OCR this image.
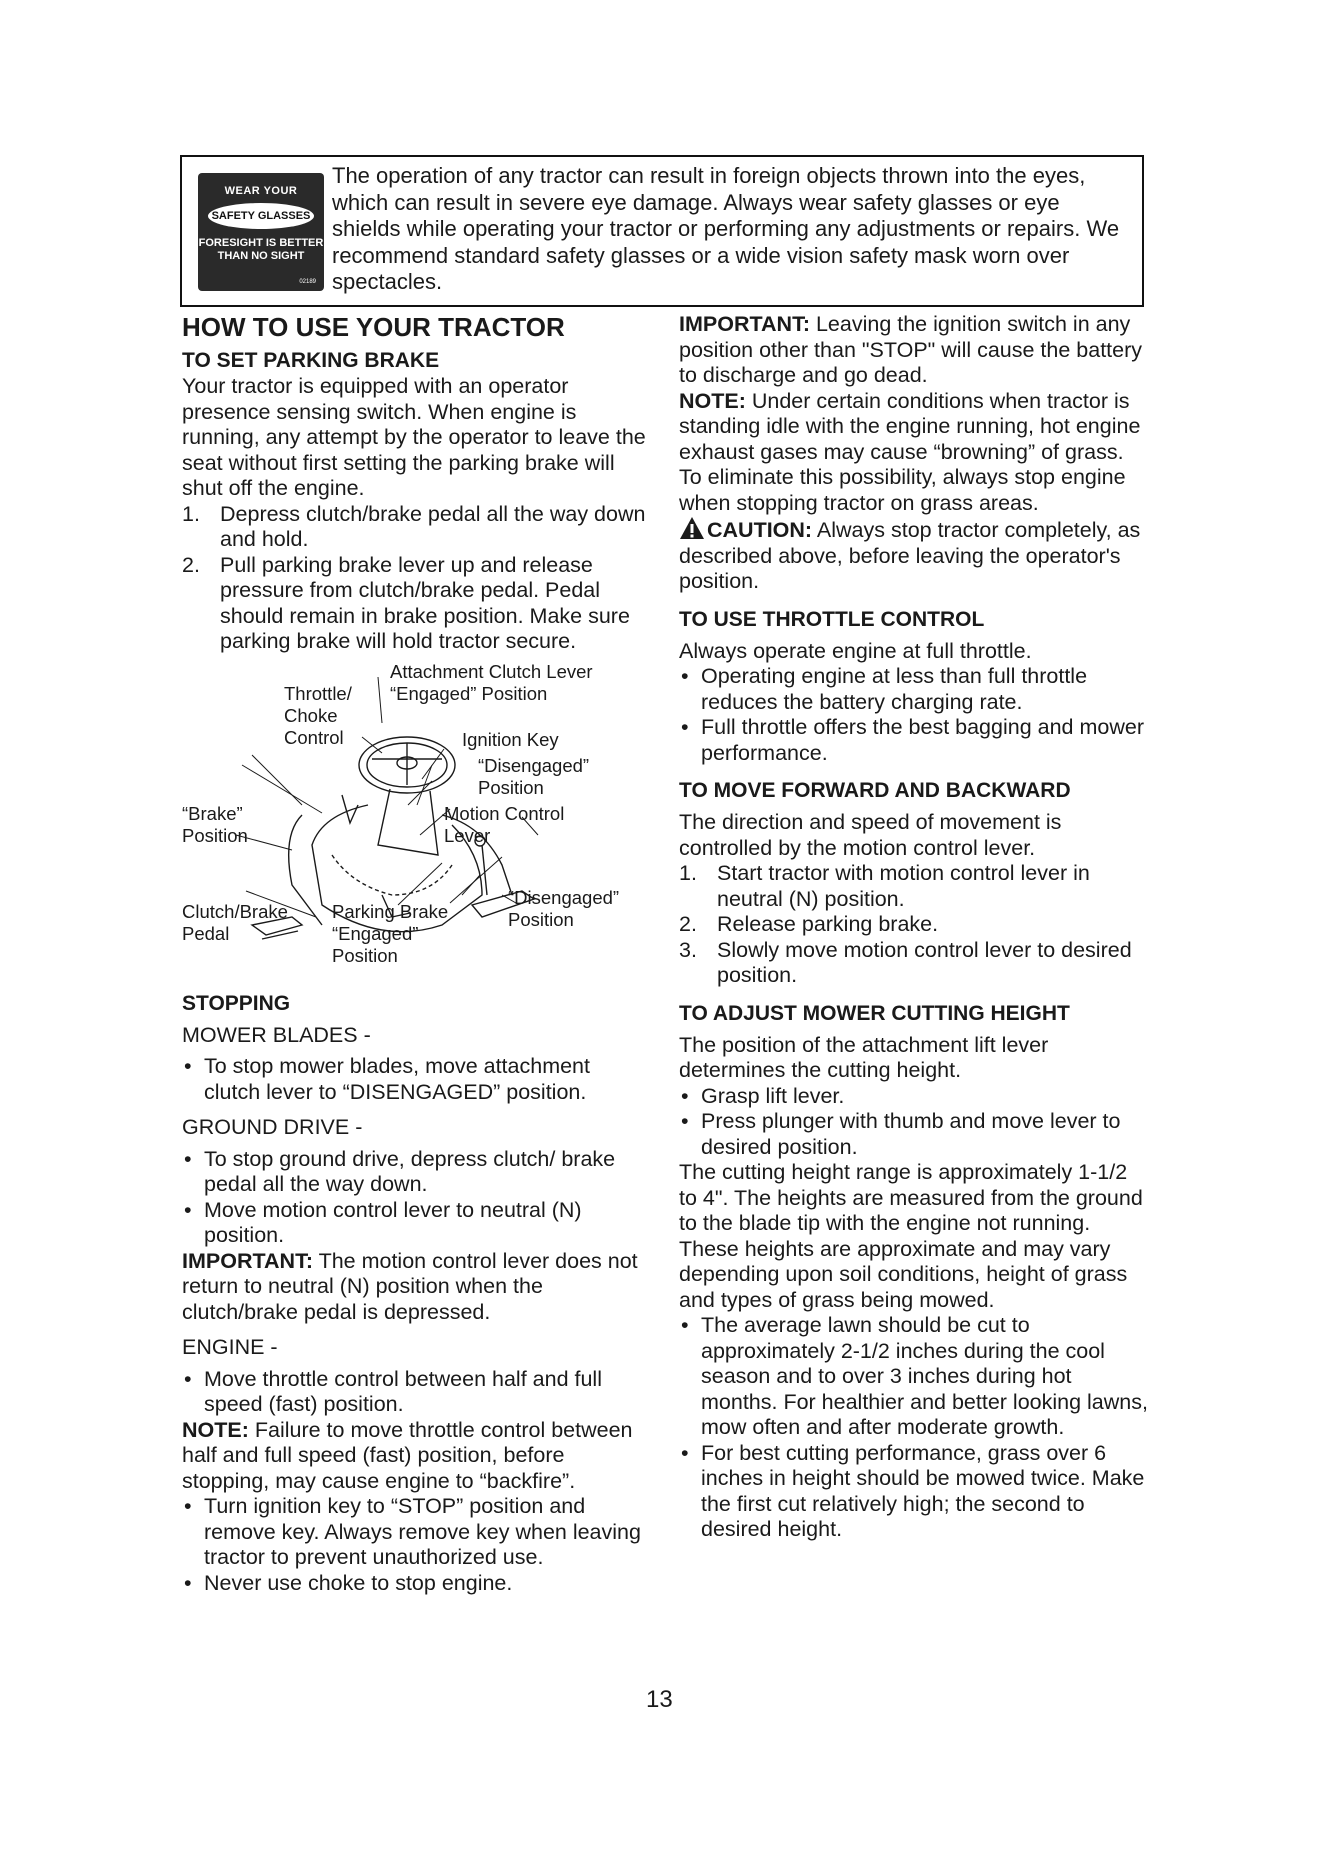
WEAR YOUR
SAFETY GLASSES
FORESIGHT IS BETTER
THAN NO SIGHT
02189

The operation of any tractor can result in foreign objects thrown into the eyes, which can result in severe eye damage. Always wear safety glasses or eye shields while operating your tractor or performing any adjustments or repairs. We recommend standard safety glasses or a wide vision safety mask worn over spectacles.

HOW TO USE YOUR TRACTOR
TO SET PARKING BRAKE

Your tractor is equipped with an operator presence sensing switch. When engine is running, any attempt by the operator to leave the seat without first setting the parking brake will shut off the engine.

1. Depress clutch/brake pedal all the way down and hold.
2. Pull parking brake lever up and release pressure from clutch/brake pedal. Pedal should remain in brake position. Make sure parking brake will hold tractor secure.
Attachment Clutch Lever
“Engaged” Position
Throttle/
Choke
Control	Ignition Key
“Disengaged”
Position
“Brake”
Position
Motion Control
Lever
Clutch/Brake
Pedal
Parking Brake
“Engaged”
Position
“Disengaged”
Position
STOPPING

MOWER BLADES -

• To stop mower blades, move attachment clutch lever to “DISENGAGED” position.

GROUND DRIVE -

• To stop ground drive, depress clutch/ brake pedal all the way down.
• Move motion control lever to neutral (N) position.

IMPORTANT: The motion control lever does not return to neutral (N) position when the clutch/brake pedal is depressed.

ENGINE -

• Move throttle control between half and full speed (fast) position.

NOTE: Failure to move throttle control between half and full speed (fast) position, before stopping, may cause engine to “backfire”.

• Turn ignition key to “STOP” position and remove key. Always remove key when leaving tractor to prevent unauthorized use.
• Never use choke to stop engine.

IMPORTANT: Leaving the ignition switch in any position other than "STOP" will cause the battery to discharge and go dead.

NOTE: Under certain conditions when tractor is standing idle with the engine running, hot engine exhaust gases may cause “browning” of grass. To eliminate this possibility, always stop engine when stopping tractor on grass areas.

CAUTION: Always stop tractor completely, as described above, before leaving the operator's position.

TO USE THROTTLE CONTROL

Always operate engine at full throttle.

• Operating engine at less than full throttle reduces the battery charging rate.
• Full throttle offers the best bagging and mower performance.
TO MOVE FORWARD AND BACKWARD

The direction and speed of movement is controlled by the motion control lever.

1. Start tractor with motion control lever in neutral (N) position.
2. Release parking brake.
3. Slowly move motion control lever to desired position.
TO ADJUST MOWER CUTTING HEIGHT

The position of the attachment lift lever determines the cutting height.

• Grasp lift lever.
• Press plunger with thumb and move lever to desired position.

The cutting height range is approximately 1-1/2 to 4". The heights are measured from the ground to the blade tip with the engine not running. These heights are approximate and may vary depending upon soil conditions, height of grass and types of grass being mowed.

• The average lawn should be cut to approximately 2-1/2 inches during the cool season and to over 3 inches during hot months. For healthier and better looking lawns, mow often and after moderate growth.
• For best cutting performance, grass over 6 inches in height should be mowed twice. Make the first cut relatively high; the second to desired height.
13
